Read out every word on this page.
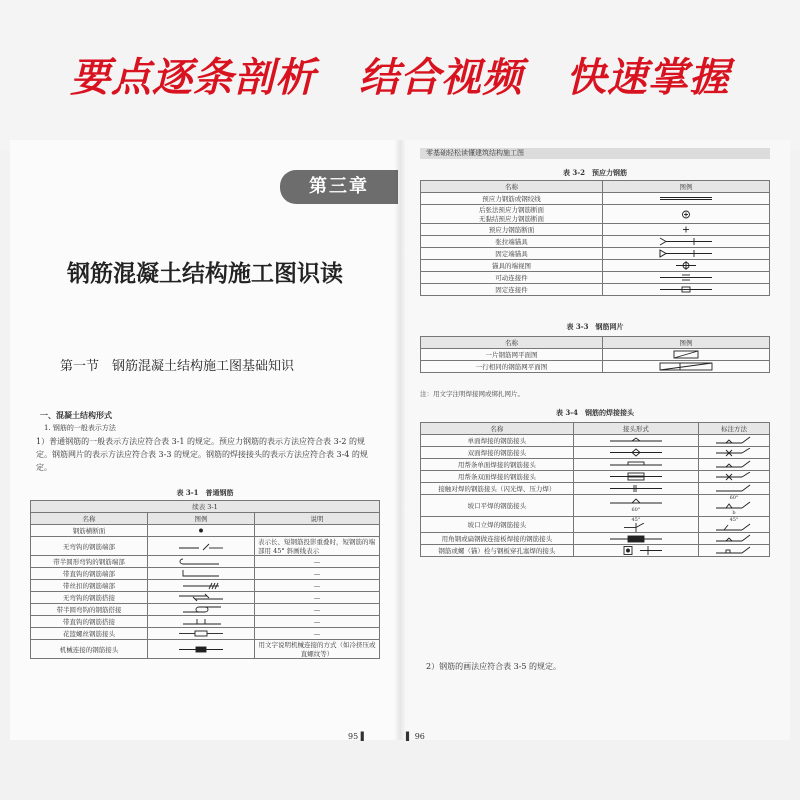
要点逐条剖析 结合视频 快速掌握
第三章
钢筋混凝土结构施工图识读
第一节　钢筋混凝土结构施工图基础知识
一、混凝土结构形式
1. 钢筋的一般表示方法
1）普通钢筋的一般表示方法应符合表 3-1 的规定。预应力钢筋的表示方法应符合表 3-2 的规定。钢筋网片的表示方法应符合表 3-3 的规定。钢筋的焊接接头的表示方法应符合表 3-4 的规定。
表 3-1　普通钢筋
续表 3-1		
名称	图例	说明
钢筋横断面	

无弯钩的钢筋端部		表示长、短钢筋投影重叠时，短钢筋的端部用 45° 斜画线表示
带半圆形弯钩的钢筋端部		—
带直钩的钢筋端部		—
带丝扣的钢筋端部		—
无弯钩的钢筋搭接		—
带半圆弯钩的钢筋搭接		—
带直钩的钢筋搭接		—
花篮螺丝钢筋接头		—
机械连接的钢筋接头		用文字说明机械连接的方式（如冷挤压或直螺纹等）
95 ▌
零基础轻松读懂建筑结构施工图
表 3-2　预应力钢筋
名称	图例
预应力钢筋或钢绞线	

后张法预应力钢筋断面
无黏结预应力钢筋断面	

预应力钢筋断面	

张拉端锚具	

固定端锚具	

锚具的端视图	

可动连接件	

固定连接件	
表 3-3　钢筋网片
名称	图例
一片钢筋网平面图	

一行相同的钢筋网平面图	
注：用文字注明焊接网或绑扎网片。
表 3-4　钢筋的焊接接头
名称	接头形式	标注方法
单面焊接的钢筋接头	

双面焊接的钢筋接头	

用帮条单面焊接的钢筋接头	

用帮条双面焊接的钢筋接头	

接触对焊的钢筋接头（闪光焊、压力焊）	

坡口平焊的钢筋接头	60°	60°
b

坡口立焊的钢筋接头	45°	45°

用角钢或扁钢做连接板焊接的钢筋接头	

钢筋或螺（锚）栓与钢板穿孔塞焊的接头	

2）钢筋的画法应符合表 3-5 的规定。
▌ 96
